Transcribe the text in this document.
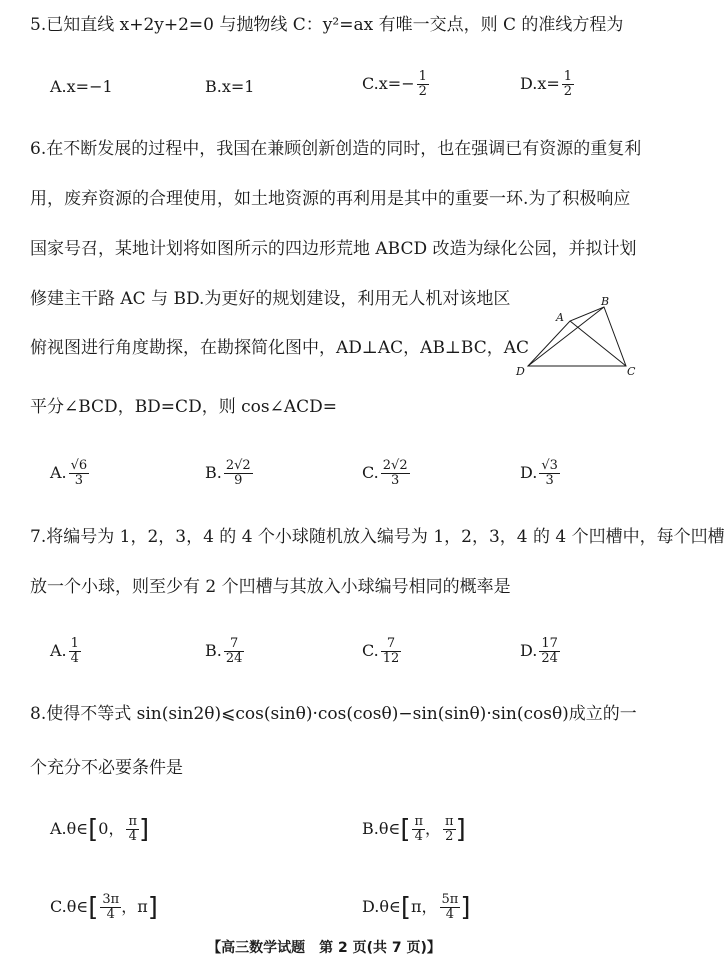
5.已知直线 x+2y+2=0 与抛物线 C：y²=ax 有唯一交点，则 C 的准线方程为
A.x=−1	B.x=1	$C.x=- \frac{1}{2}$	$D.x= \frac{1}{2}$
6.在不断发展的过程中，我国在兼顾创新创造的同时，也在强调已有资源的重复利
用，废弃资源的合理使用，如土地资源的再利用是其中的重要一环.为了积极响应
国家号召，某地计划将如图所示的四边形荒地 ABCD 改造为绿化公园，并拟计划
修建主干路 AC 与 BD.为更好的规划建设，利用无人机对该地区
俯视图进行角度勘探，在勘探简化图中，AD⊥AC，AB⊥BC，AC
平分∠BCD，BD=CD，则 cos∠ACD=
A
B
C
D
A. $\frac{√6}{3}$	B. $\frac{2√2}{9}$	C. $\frac{2√2}{3}$	D. $\frac{√3}{3}$
7.将编号为 1，2，3，4 的 4 个小球随机放入编号为 1，2，3，4 的 4 个凹槽中，每个凹槽
放一个小球，则至少有 2 个凹槽与其放入小球编号相同的概率是
A. $\frac{1}{4}$	B. $\frac{7}{24}$	C. $\frac{7}{12}$	D. $\frac{17}{24}$
8.使得不等式 sin(sin2θ)⩽cos(sinθ)·cos(cosθ)−sin(sinθ)·sin(cosθ)成立的一
个充分不必要条件是
A.θ∈[0， $\frac{\pi}{4}$ ]	B.θ∈[ $\frac{\pi}{4}$ ， $\frac{\pi}{2}$ ]
C.θ∈[ $\frac{3\pi}{4}$ ，π]	D.θ∈[π， $\frac{5\pi}{4}$ ]
【高三数学试题　第 2 页(共 7 页)】
